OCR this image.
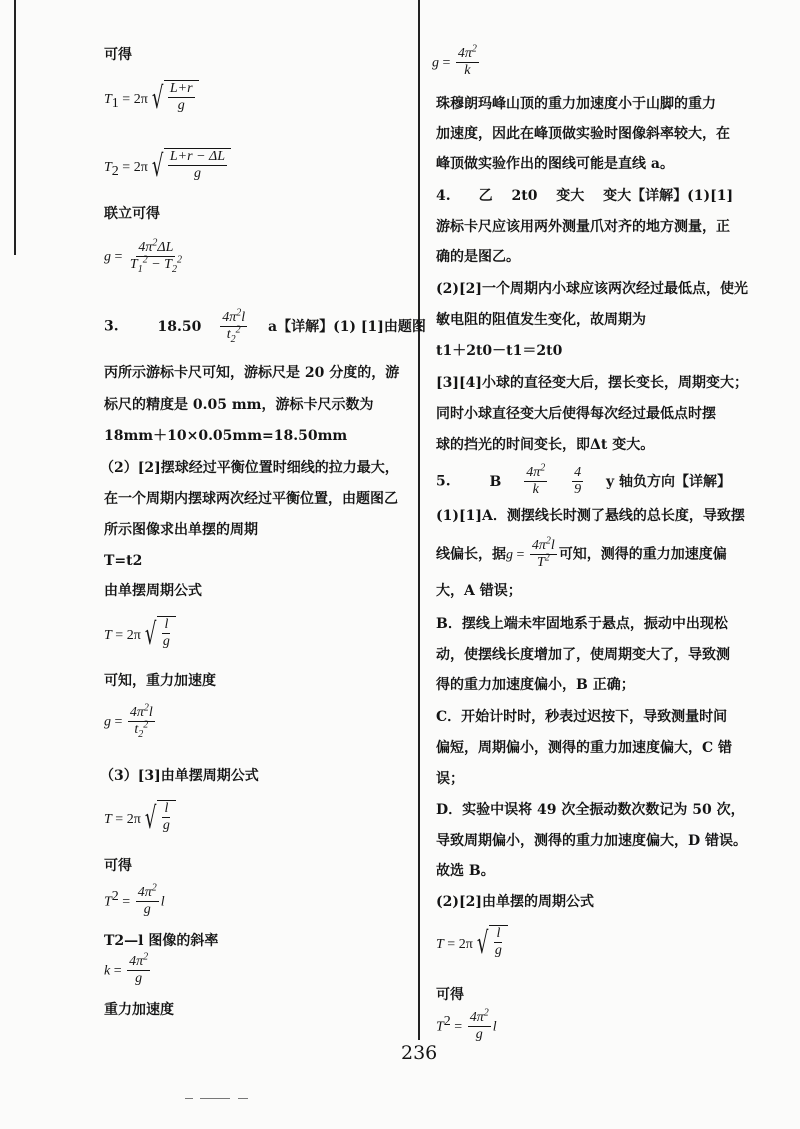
可得
$T_1 = 2\pi$ √ $\frac{L+r}{g}$
$T_2 = 2\pi$ √ $\frac{L+r - \Delta L}{g}$
联立可得
$g = \frac{4\pi^2\Delta L}{T_1^2 - T_2^2}$
3.	$18.50 \frac{4\pi^2l}{t_2^2}$ a【详解】(1) [1]由题图
丙所示游标卡尺可知，游标尺是 20 分度的，游
标尺的精度是 0.05 mm，游标卡尺示数为
18mm＋10×0.05mm=18.50mm
（2）[2]摆球经过平衡位置时细线的拉力最大，
在一个周期内摆球两次经过平衡位置，由题图乙
所示图像求出单摆的周期
T=t2
由单摆周期公式
T = 2π √ $\frac{l}{g}$
可知，重力加速度
$g = \frac{4\pi^2l}{t_2^2}$
（3）[3]由单摆周期公式
T = 2π √ $\frac{l}{g}$
可得
$T^2 = \frac{4\pi^2}{g}$ l
T2—l 图像的斜率
$k = \frac{4\pi^2}{g}$
重力加速度
$g = \frac{4\pi^2}{k}$
珠穆朗玛峰山顶的重力加速度小于山脚的重力
加速度，因此在峰顶做实验时图像斜率较大，在
峰顶做实验作出的图线可能是直线 a。
4.　　乙　 2t0　 变大　 变大【详解】(1)[1]
游标卡尺应该用两外测量爪对齐的地方测量，正
确的是图乙。
(2)[2]一个周期内小球应该两次经过最低点，使光
敏电阻的阻值发生变化，故周期为
t1＋2t0－t1＝2t0
[3][4]小球的直径变大后，摆长变长，周期变大；
同时小球直径变大后使得每次经过最低点时摆
球的挡光的时间变长，即Δt 变大。
5.	B $\frac{4\pi^2}{k}$
$\frac{4}{9}$ y 轴负方向【详解】
(1)[1]A．测摆线长时测了悬线的总长度，导致摆
线偏长，据$g = \frac{4\pi^2l}{T^2}$ 可知，测得的重力加速度偏
大，A 错误；
B．摆线上端未牢固地系于悬点，振动中出现松
动，使摆线长度增加了，使周期变大了，导致测
得的重力加速度偏小，B 正确；
C．开始计时时，秒表过迟按下，导致测量时间
偏短，周期偏小，测得的重力加速度偏大，C 错
误；
D．实验中误将 49 次全振动数次数记为 50 次，
导致周期偏小，测得的重力加速度偏大，D 错误。
故选 B。
(2)[2]由单摆的周期公式
T = 2π √ $\frac{l}{g}$
可得
$T^2 = \frac{4\pi^2}{g}$ l
236
